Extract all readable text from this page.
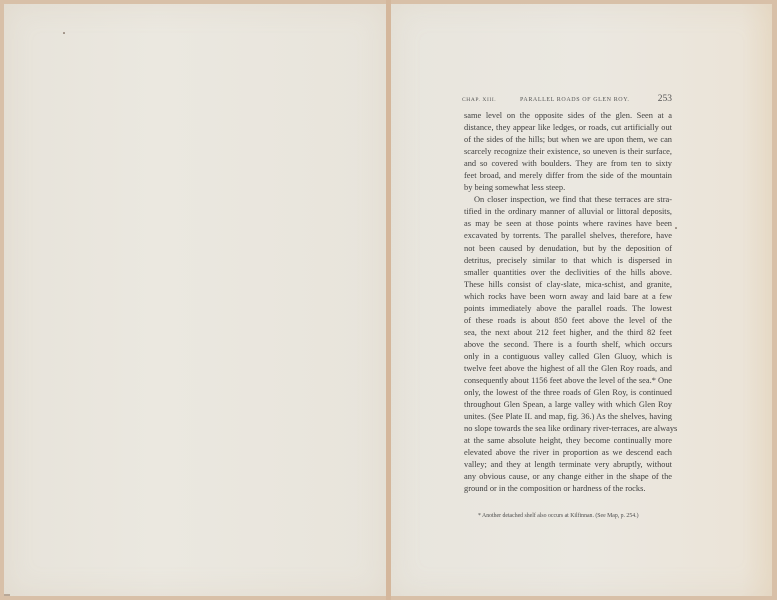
CHAP. XIII.	PARALLEL ROADS OF GLEN ROY.	253
same level on the opposite sides of the glen. Seen at a
distance, they appear like ledges, or roads, cut artificially out
of the sides of the hills; but when we are upon them, we can
scarcely recognize their existence, so uneven is their surface,
and so covered with boulders. They are from ten to sixty
feet broad, and merely differ from the side of the mountain
by being somewhat less steep.
On closer inspection, we find that these terraces are stra-
tified in the ordinary manner of alluvial or littoral deposits,
as may be seen at those points where ravines have been
excavated by torrents. The parallel shelves, therefore, have
not been caused by denudation, but by the deposition of
detritus, precisely similar to that which is dispersed in
smaller quantities over the declivities of the hills above.
These hills consist of clay-slate, mica-schist, and granite,
which rocks have been worn away and laid bare at a few
points immediately above the parallel roads. The lowest
of these roads is about 850 feet above the level of the
sea, the next about 212 feet higher, and the third 82 feet
above the second. There is a fourth shelf, which occurs
only in a contiguous valley called Glen Gluoy, which is
twelve feet above the highest of all the Glen Roy roads, and
consequently about 1156 feet above the level of the sea.* One
only, the lowest of the three roads of Glen Roy, is continued
throughout Glen Spean, a large valley with which Glen Roy
unites. (See Plate II. and map, fig. 36.) As the shelves, having
no slope towards the sea like ordinary river-terraces, are always
at the same absolute height, they become continually more
elevated above the river in proportion as we descend each
valley; and they at length terminate very abruptly, without
any obvious cause, or any change either in the shape of the
ground or in the composition or hardness of the rocks.
* Another detached shelf also occurs at Kilfinnan. (See Map, p. 254.)
